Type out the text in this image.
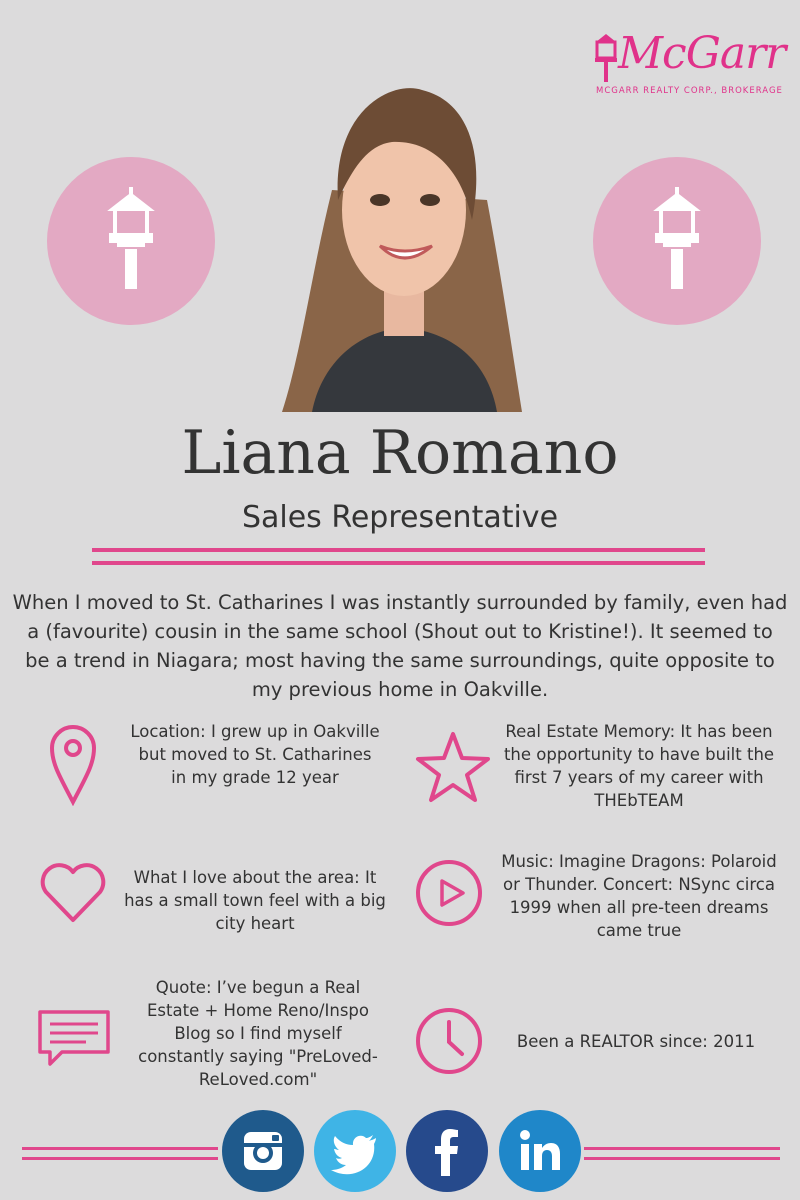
McGarr
MCGARR REALTY CORP., BROKERAGE
Liana Romano
Sales Representative
When I moved to St. Catharines I was instantly surrounded by family, even had a (favourite) cousin in the same school (Shout out to Kristine!). It seemed to be a trend in Niagara; most having the same surroundings, quite opposite to my previous home in Oakville.
Location: I grew up in Oakville but moved to St. Catharines in my grade 12 year
What I love about the area: It has a small town feel with a big city heart
Quote: I’ve begun a Real Estate + Home Reno/Inspo Blog so I find myself constantly saying "PreLoved-ReLoved.com"
Real Estate Memory: It has been the opportunity to have built the first 7 years of my career with THEbTEAM
Music: Imagine Dragons: Polaroid or Thunder. Concert: NSync circa 1999 when all pre-teen dreams came true
Been a REALTOR since: 2011
